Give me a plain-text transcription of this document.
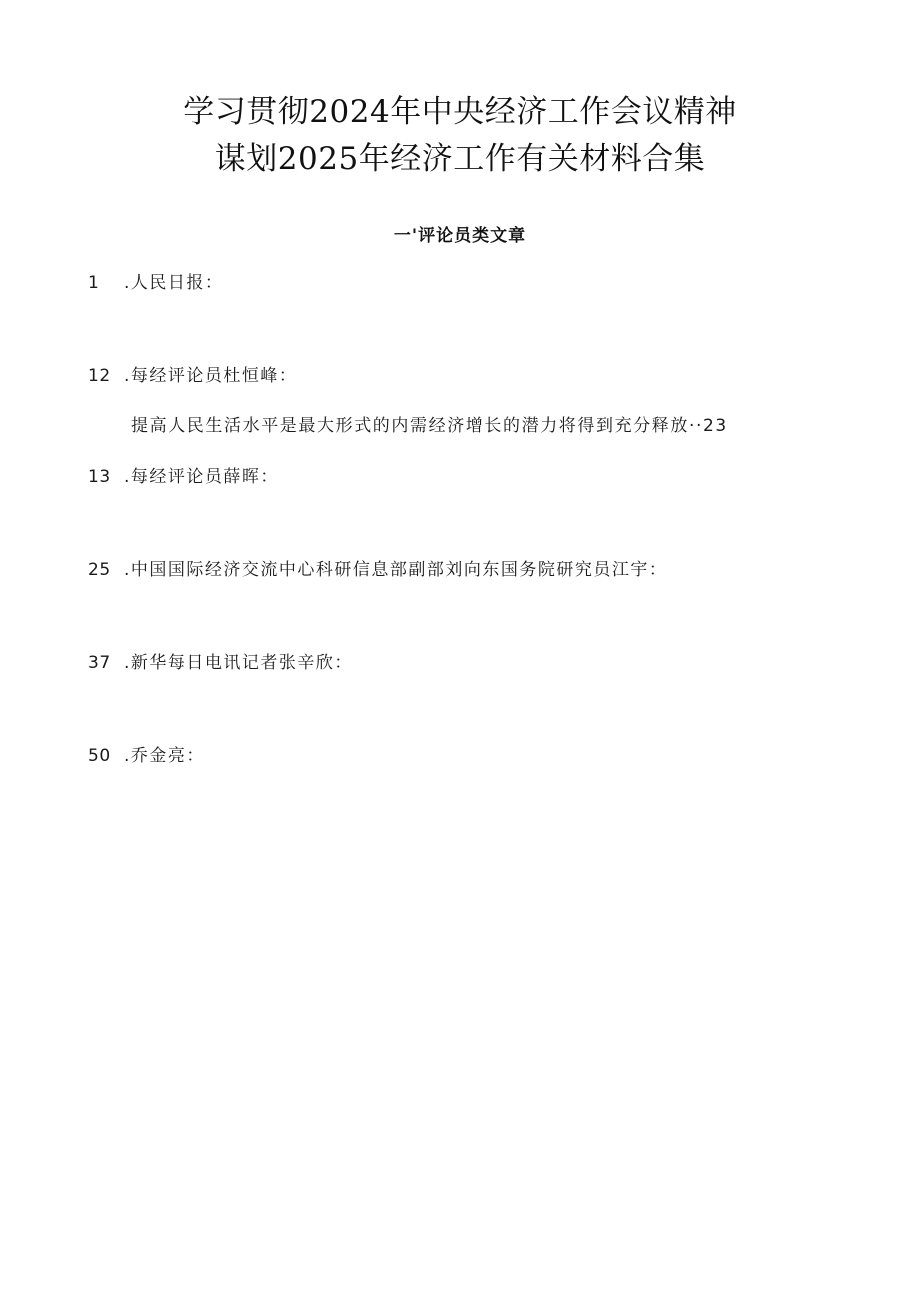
学习贯彻2024年中央经济工作会议精神
谋划2025年经济工作有关材料合集
一'评论员类文章
1 .人民日报：
12 .每经评论员杜恒峰：
提高人民生活水平是最大形式的内需经济增长的潜力将得到充分释放··23
13 .每经评论员薛晖：
25 .中国国际经济交流中心科研信息部副部刘向东国务院研究员江宇：
37 .新华每日电讯记者张辛欣：
50 .乔金亮：
